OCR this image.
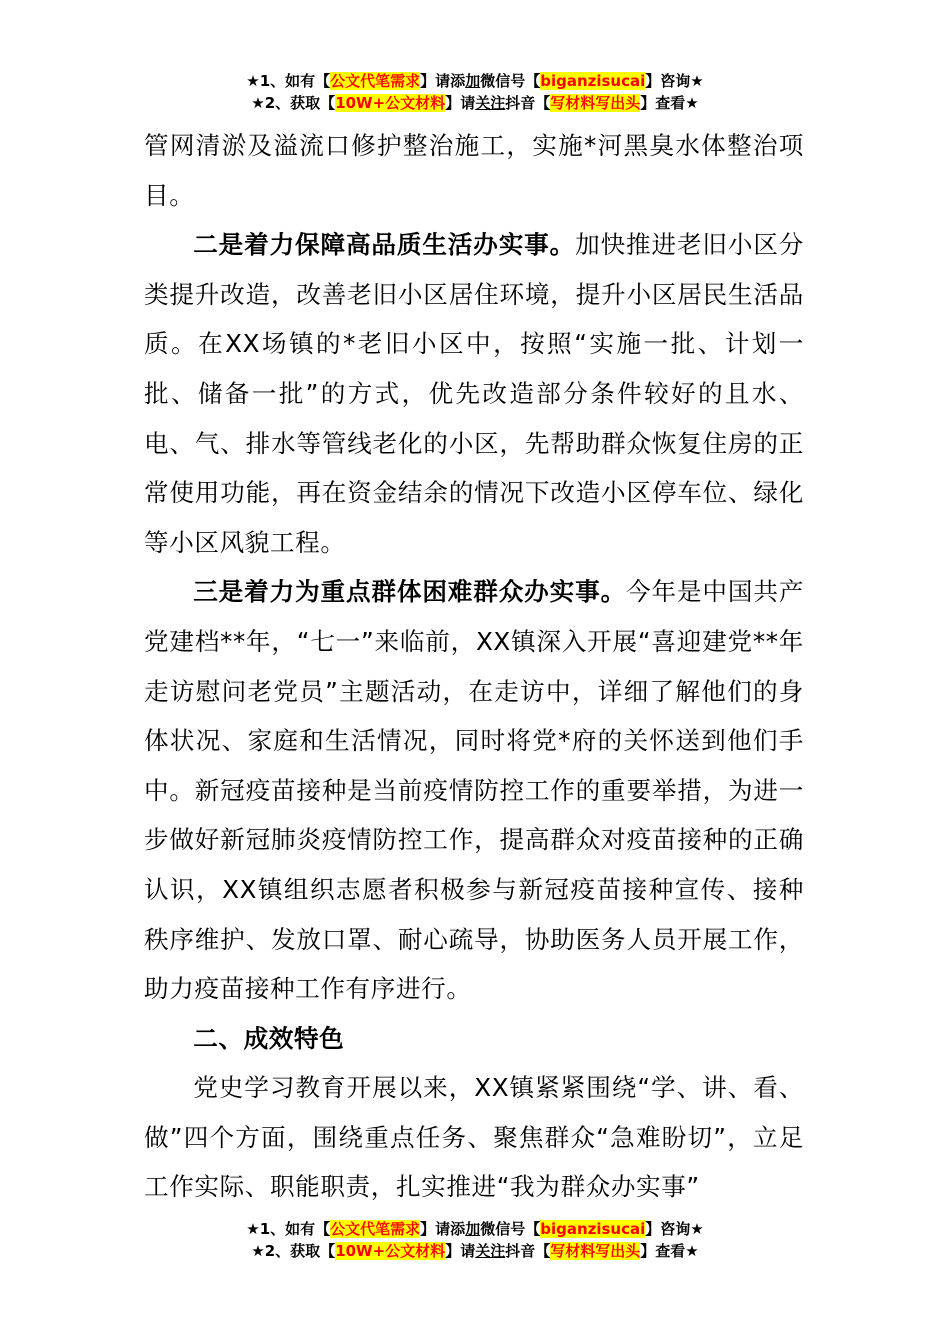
★1、如有【公文代笔需求】请添加微信号【biganzisucai】咨询★
★2、获取【10W+公文材料】请关注抖音【写材料写出头】查看★

管网清淤及溢流口修护整治施工，实施*河黑臭水体整治项目。

二是着力保障高品质生活办实事。加快推进老旧小区分类提升改造，改善老旧小区居住环境，提升小区居民生活品质。在XX场镇的*老旧小区中，按照“实施一批、计划一批、储备一批”的方式，优先改造部分条件较好的且水、电、气、排水等管线老化的小区，先帮助群众恢复住房的正常使用功能，再在资金结余的情况下改造小区停车位、绿化等小区风貌工程。

三是着力为重点群体困难群众办实事。今年是中国共产党建档**年，“七一”来临前，XX镇深入开展“喜迎建党**年 走访慰问老党员”主题活动，在走访中，详细了解他们的身体状况、家庭和生活情况，同时将党*府的关怀送到他们手中。新冠疫苗接种是当前疫情防控工作的重要举措，为进一步做好新冠肺炎疫情防控工作，提高群众对疫苗接种的正确认识，XX镇组织志愿者积极参与新冠疫苗接种宣传、接种秩序维护、发放口罩、耐心疏导，协助医务人员开展工作，助力疫苗接种工作有序进行。

二、成效特色

党史学习教育开展以来，XX镇紧紧围绕“学、讲、看、做”四个方面，围绕重点任务、聚焦群众“急难盼切”，立足工作实际、职能职责，扎实推进“我为群众办实事”

★1、如有【公文代笔需求】请添加微信号【biganzisucai】咨询★
★2、获取【10W+公文材料】请关注抖音【写材料写出头】查看★
